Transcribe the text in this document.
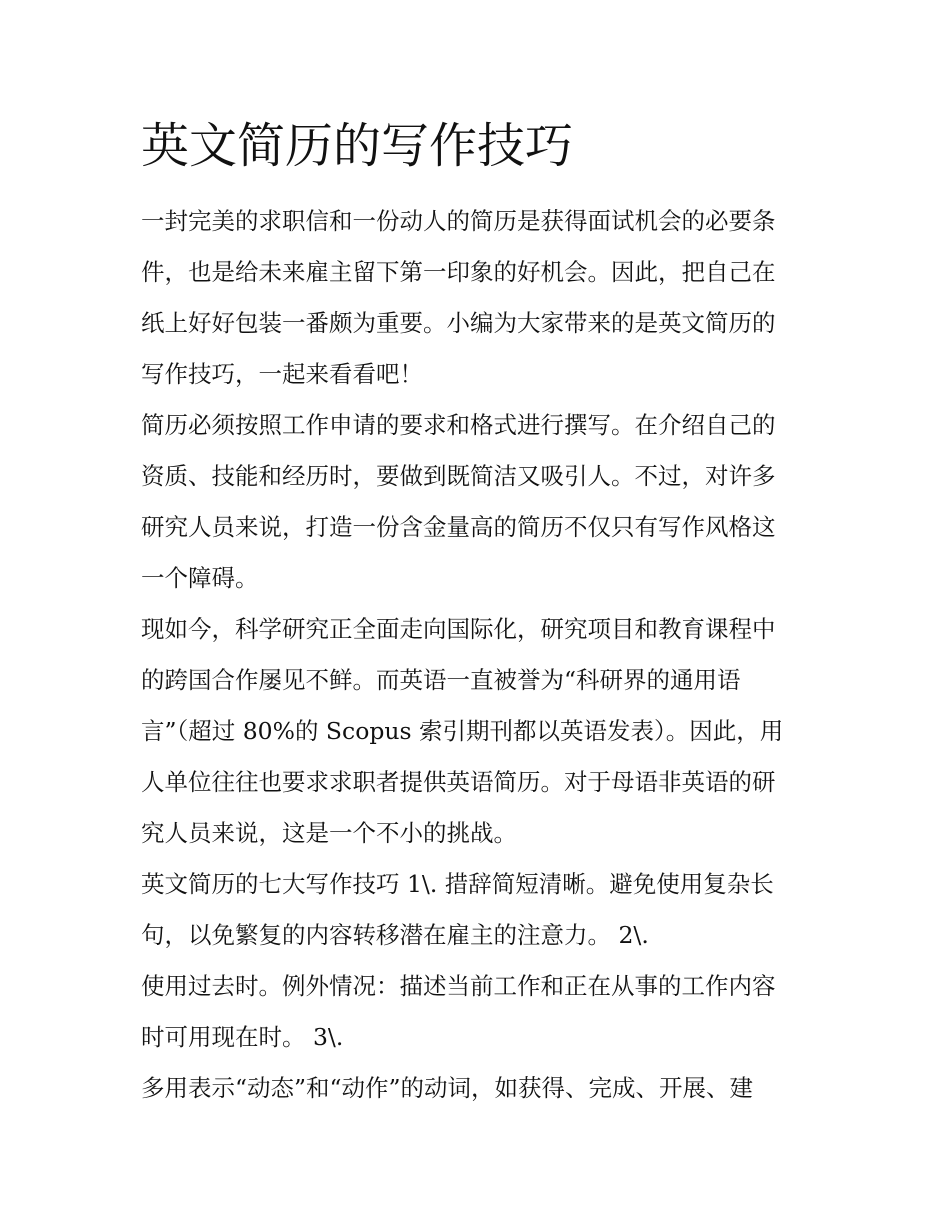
英文简历的写作技巧

一封完美的求职信和一份动人的简历是获得面试机会的必要条

件，也是给未来雇主留下第一印象的好机会。因此，把自己在

纸上好好包装一番颇为重要。小编为大家带来的是英文简历的

写作技巧，一起来看看吧！

简历必须按照工作申请的要求和格式进行撰写。在介绍自己的

资质、技能和经历时，要做到既简洁又吸引人。不过，对许多

研究人员来说，打造一份含金量高的简历不仅只有写作风格这

一个障碍。

现如今，科学研究正全面走向国际化，研究项目和教育课程中

的跨国合作屡见不鲜。而英语一直被誉为“科研界的通用语

言”（超过 80%的 Scopus 索引期刊都以英语发表）。因此，用

人单位往往也要求求职者提供英语简历。对于母语非英语的研

究人员来说，这是一个不小的挑战。

英文简历的七大写作技巧 1\. 措辞简短清晰。避免使用复杂长

句，以免繁复的内容转移潜在雇主的注意力。 2\.

使用过去时。例外情况：描述当前工作和正在从事的工作内容

时可用现在时。 3\.

多用表示“动态”和“动作”的动词，如获得、完成、开展、建
